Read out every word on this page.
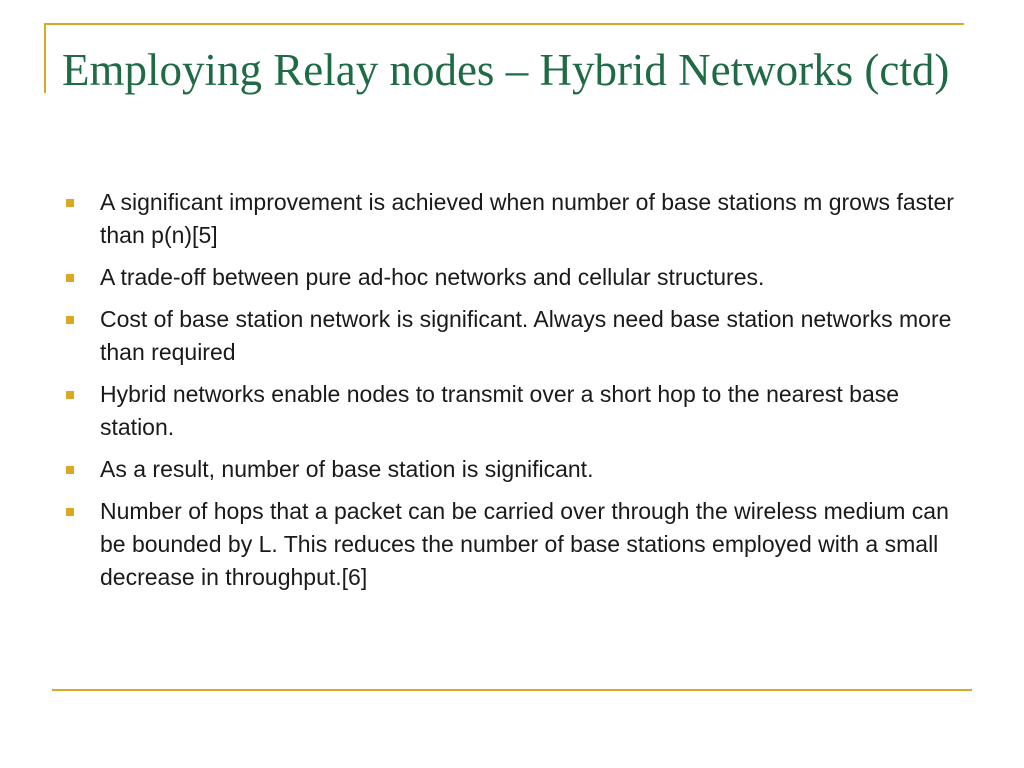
Employing Relay nodes – Hybrid Networks (ctd)
A significant improvement is achieved when number of base stations m grows faster than p(n)[5]
A trade-off between pure ad-hoc networks and cellular structures.
Cost of base station network is significant. Always need base station networks more than required
Hybrid networks enable nodes to transmit over a short hop to the nearest base station.
As a result, number of base station is significant.
Number of hops that a packet can be carried over through the wireless medium can be bounded by L. This reduces the number of base stations employed with a small decrease in throughput.[6]
